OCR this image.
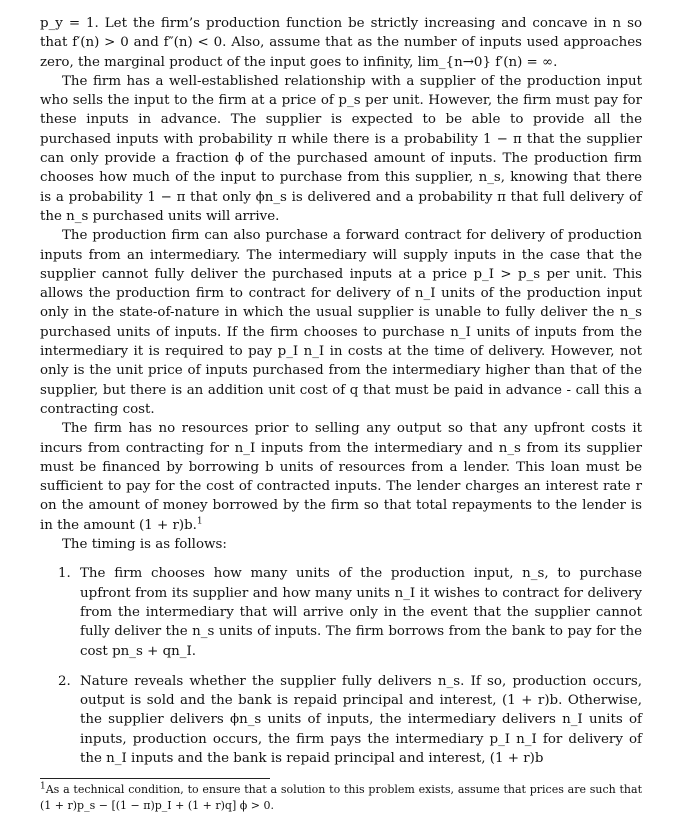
p_y = 1. Let the firm’s production function be strictly increasing and concave in n so that f′(n) > 0 and f″(n) < 0. Also, assume that as the number of inputs used approaches zero, the marginal product of the input goes to infinity, lim_{n→0} f′(n) = ∞.

The firm has a well-established relationship with a supplier of the production input who sells the input to the firm at a price of p_s per unit. However, the firm must pay for these inputs in advance. The supplier is expected to be able to provide all the purchased inputs with probability π while there is a probability 1 − π that the supplier can only provide a fraction ϕ of the purchased amount of inputs. The production firm chooses how much of the input to purchase from this supplier, n_s, knowing that there is a probability 1 − π that only ϕn_s is delivered and a probability π that full delivery of the n_s purchased units will arrive.

The production firm can also purchase a forward contract for delivery of production inputs from an intermediary. The intermediary will supply inputs in the case that the supplier cannot fully deliver the purchased inputs at a price p_I > p_s per unit. This allows the production firm to contract for delivery of n_I units of the production input only in the state-of-nature in which the usual supplier is unable to fully deliver the n_s purchased units of inputs. If the firm chooses to purchase n_I units of inputs from the intermediary it is required to pay p_I n_I in costs at the time of delivery. However, not only is the unit price of inputs purchased from the intermediary higher than that of the supplier, but there is an addition unit cost of q that must be paid in advance - call this a contracting cost.

The firm has no resources prior to selling any output so that any upfront costs it incurs from contracting for n_I inputs from the intermediary and n_s from its supplier must be financed by borrowing b units of resources from a lender. This loan must be sufficient to pay for the cost of contracted inputs. The lender charges an interest rate r on the amount of money borrowed by the firm so that total repayments to the lender is in the amount (1 + r)b.$^1$

The timing is as follows:

1. The firm chooses how many units of the production input, n_s, to purchase upfront from its supplier and how many units n_I it wishes to contract for delivery from the intermediary that will arrive only in the event that the supplier cannot fully deliver the n_s units of inputs. The firm borrows from the bank to pay for the cost pn_s + qn_I.
2. Nature reveals whether the supplier fully delivers n_s. If so, production occurs, output is sold and the bank is repaid principal and interest, (1 + r)b. Otherwise, the supplier delivers ϕn_s units of inputs, the intermediary delivers n_I units of inputs, production occurs, the firm pays the intermediary p_I n_I for delivery of the n_I inputs and the bank is repaid principal and interest, (1 + r)b
$^1$As a technical condition, to ensure that a solution to this problem exists, assume that prices are such that (1 + r)p_s − [(1 − π)p_I + (1 + r)q] ϕ > 0.
